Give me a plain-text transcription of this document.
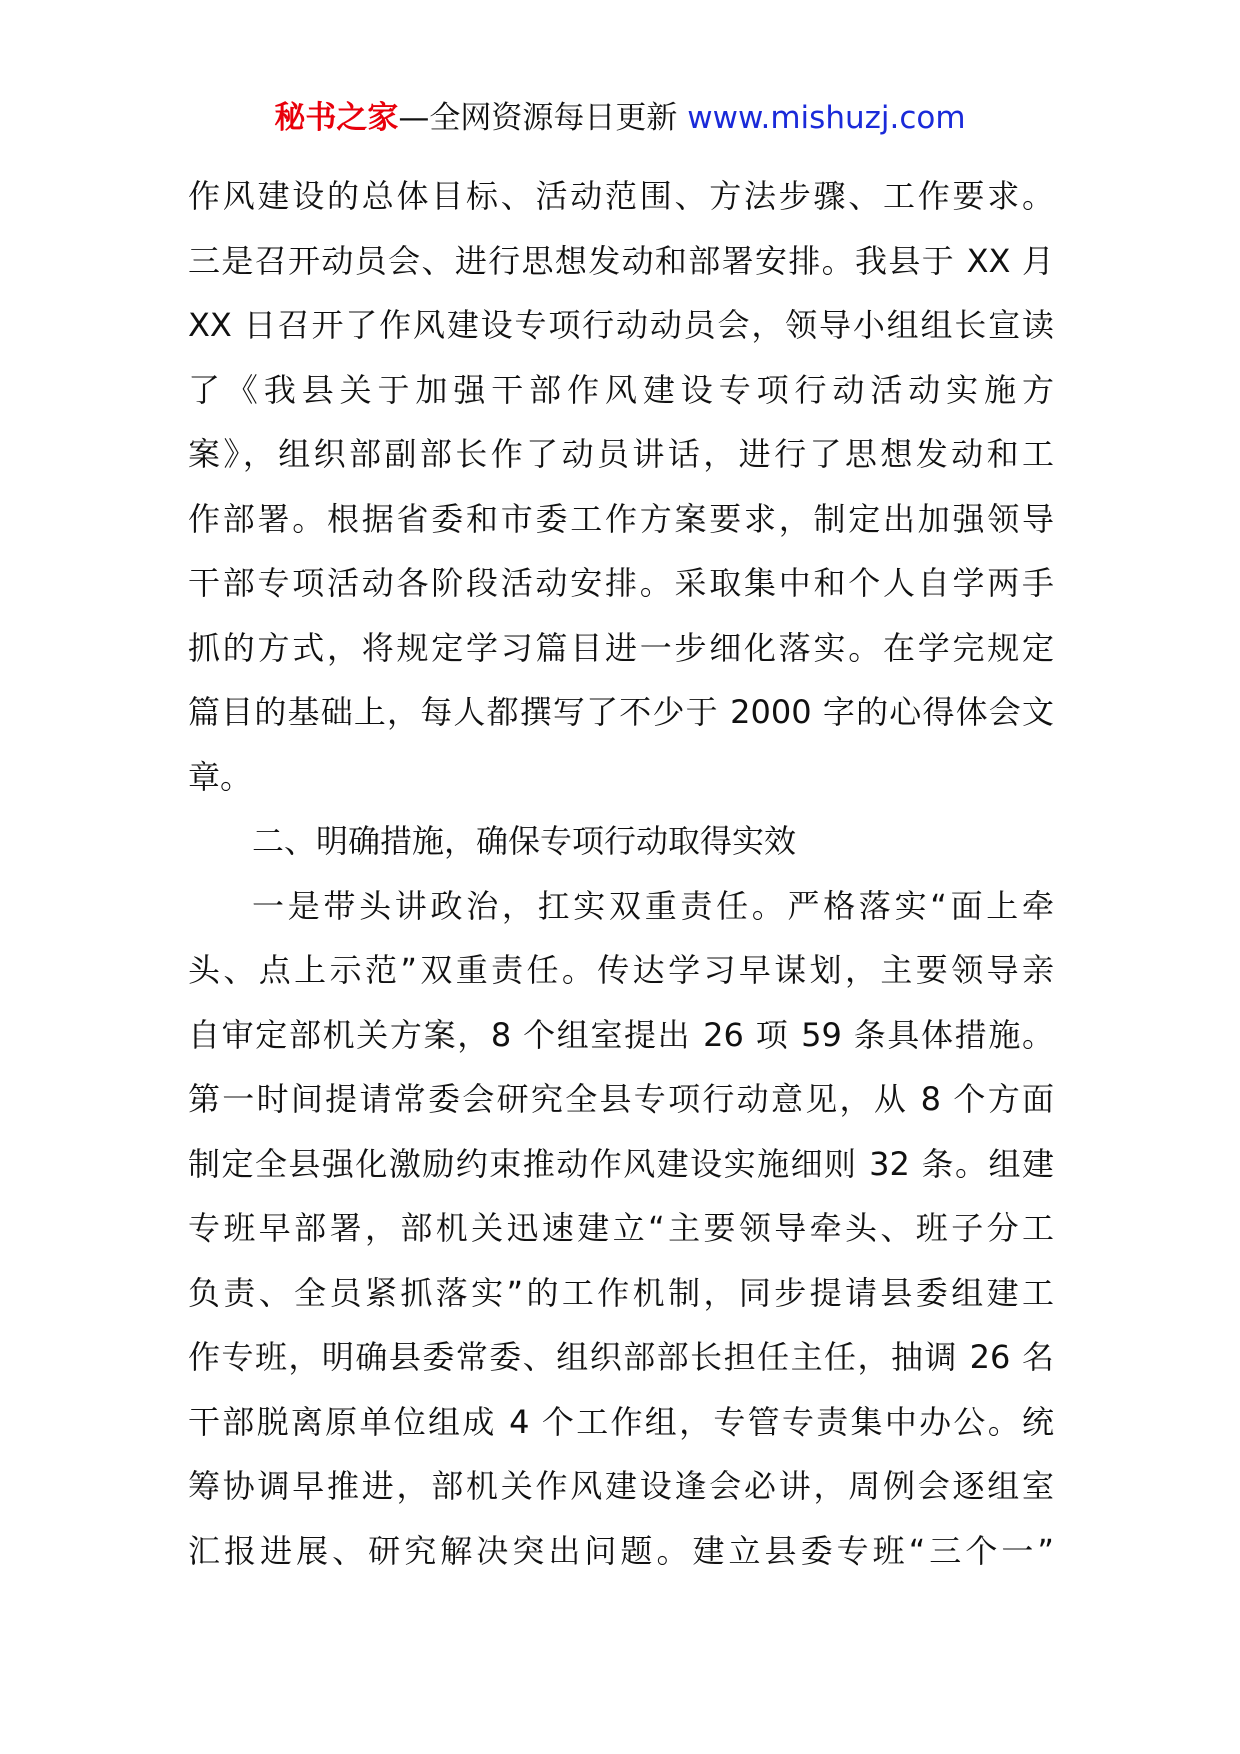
秘书之家—全网资源每日更新 www.mishuzj.com
作风建设的总体目标、活动范围、方法步骤、工作要求。
三是召开动员会、进行思想发动和部署安排。我县于 XX 月
XX 日召开了作风建设专项行动动员会，领导小组组长宣读
了《我县关于加强干部作风建设专项行动活动实施方
案》，组织部副部长作了动员讲话，进行了思想发动和工
作部署。根据省委和市委工作方案要求，制定出加强领导
干部专项活动各阶段活动安排。采取集中和个人自学两手
抓的方式，将规定学习篇目进一步细化落实。在学完规定
篇目的基础上，每人都撰写了不少于 2000 字的心得体会文
章。
二、明确措施，确保专项行动取得实效
一是带头讲政治，扛实双重责任。严格落实“面上牵
头、点上示范”双重责任。传达学习早谋划，主要领导亲
自审定部机关方案，8 个组室提出 26 项 59 条具体措施。
第一时间提请常委会研究全县专项行动意见，从 8 个方面
制定全县强化激励约束推动作风建设实施细则 32 条。组建
专班早部署，部机关迅速建立“主要领导牵头、班子分工
负责、全员紧抓落实”的工作机制，同步提请县委组建工
作专班，明确县委常委、组织部部长担任主任，抽调 26 名
干部脱离原单位组成 4 个工作组，专管专责集中办公。统
筹协调早推进，部机关作风建设逢会必讲，周例会逐组室
汇报进展、研究解决突出问题。建立县委专班“三个一”
